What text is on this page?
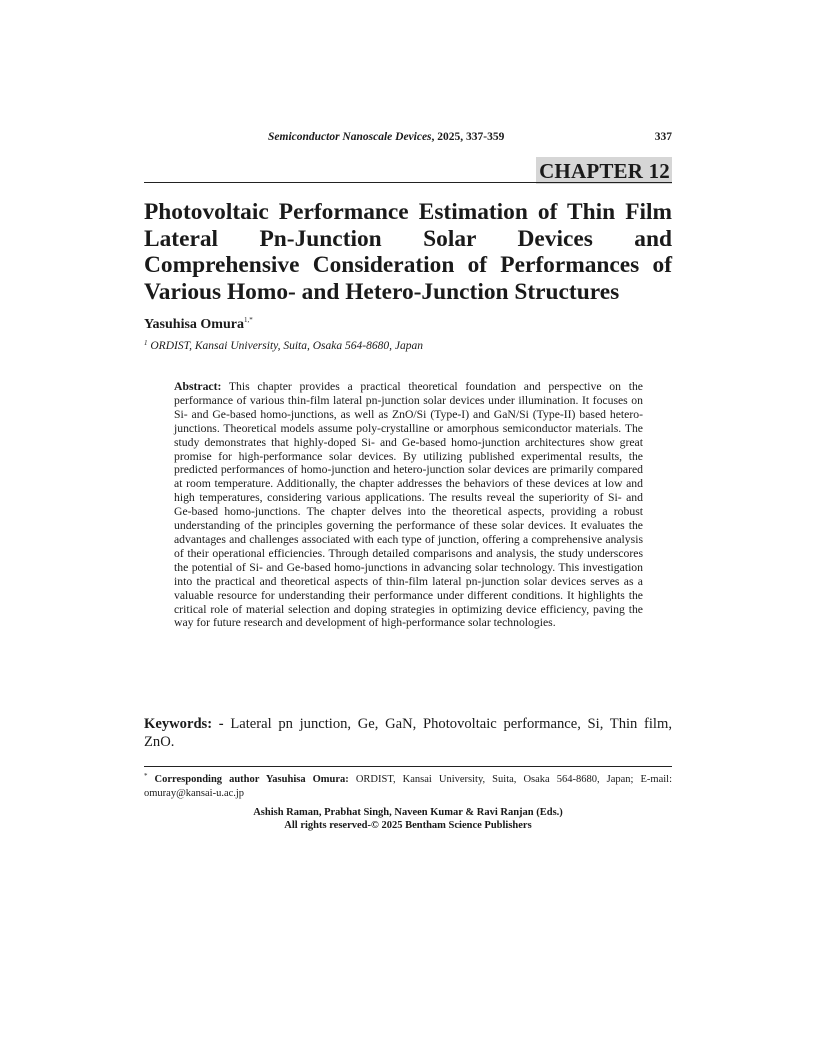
Semiconductor Nanoscale Devices, 2025, 337-359	337
CHAPTER 12
Photovoltaic Performance Estimation of Thin Film Lateral Pn-Junction Solar Devices and Comprehensive Consideration of Performances of Various Homo- and Hetero-Junction Structures
Yasuhisa Omura$^{1,*}$
$^1$ ORDIST, Kansai University, Suita, Osaka 564-8680, Japan

Abstract: This chapter provides a practical theoretical foundation and perspective on the performance of various thin-film lateral pn-junction solar devices under illumination. It focuses on Si- and Ge-based homo-junctions, as well as ZnO/Si (Type-I) and GaN/Si (Type-II) based hetero-junctions. Theoretical models assume poly-crystalline or amorphous semiconductor materials. The study demonstrates that highly-doped Si- and Ge-based homo-junction architectures show great promise for high-performance solar devices. By utilizing published experimental results, the predicted performances of homo-junction and hetero-junction solar devices are primarily compared at room temperature. Additionally, the chapter addresses the behaviors of these devices at low and high temperatures, considering various applications. The results reveal the superiority of Si- and Ge-based homo-junctions. The chapter delves into the theoretical aspects, providing a robust understanding of the principles governing the performance of these solar devices. It evaluates the advantages and challenges associated with each type of junction, offering a comprehensive analysis of their operational efficiencies. Through detailed comparisons and analysis, the study underscores the potential of Si- and Ge-based homo-junctions in advancing solar technology. This investigation into the practical and theoretical aspects of thin-film lateral pn-junction solar devices serves as a valuable resource for understanding their performance under different conditions. It highlights the critical role of material selection and doping strategies in optimizing device efficiency, paving the way for future research and development of high-performance solar technologies.

Keywords: - Lateral pn junction, Ge, GaN, Photovoltaic performance, Si, Thin film, ZnO.

* Corresponding author Yasuhisa Omura: ORDIST, Kansai University, Suita, Osaka 564-8680, Japan; E-mail: omuray@kansai-u.ac.jp

Ashish Raman, Prabhat Singh, Naveen Kumar & Ravi Ranjan (Eds.)
All rights reserved-© 2025 Bentham Science Publishers
